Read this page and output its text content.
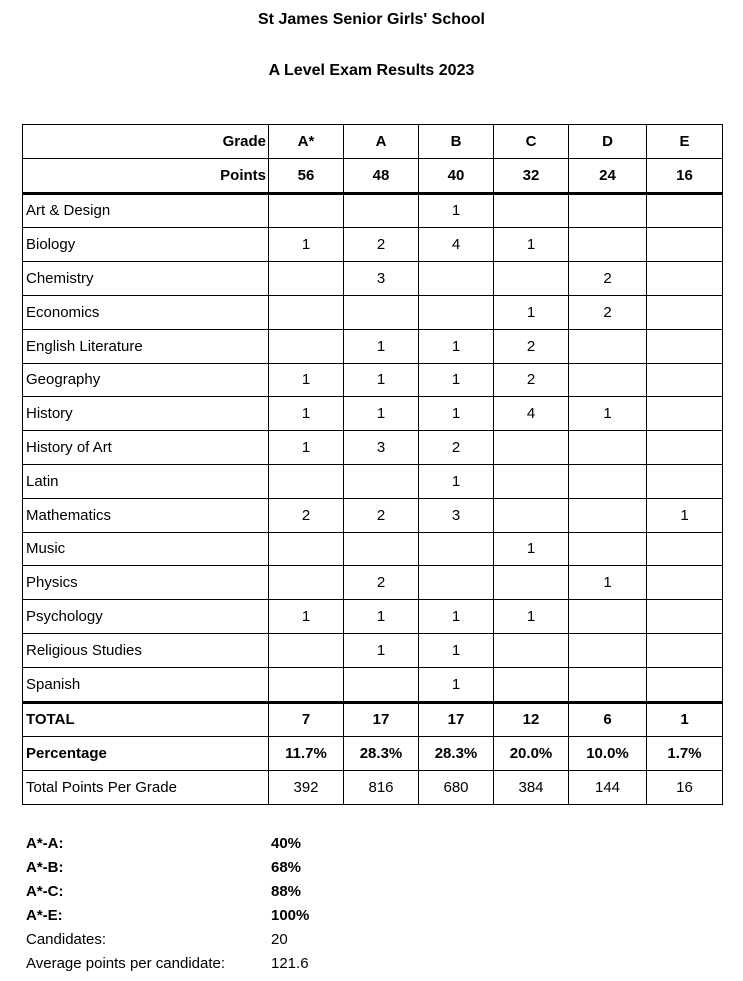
St James Senior Girls' School
A Level Exam Results 2023
Grade	A*	A	B	C	D	E
Points	56	48	40	32	24	16
Art & Design			1			
Biology	1	2	4	1		
Chemistry		3			2	
Economics				1	2	
English Literature		1	1	2		
Geography	1	1	1	2		
History	1	1	1	4	1	
History of Art	1	3	2			
Latin			1			
Mathematics	2	2	3			1
Music				1		
Physics		2			1	
Psychology	1	1	1	1		
Religious Studies		1	1			
Spanish			1			
TOTAL	7	17	17	12	6	1
Percentage	11.7%	28.3%	28.3%	20.0%	10.0%	1.7%
Total Points Per Grade	392	816	680	384	144	16
A*-A:	40%
A*-B:	68%
A*-C:	88%
A*-E:	100%
Candidates:	20
Average points per candidate:	121.6
